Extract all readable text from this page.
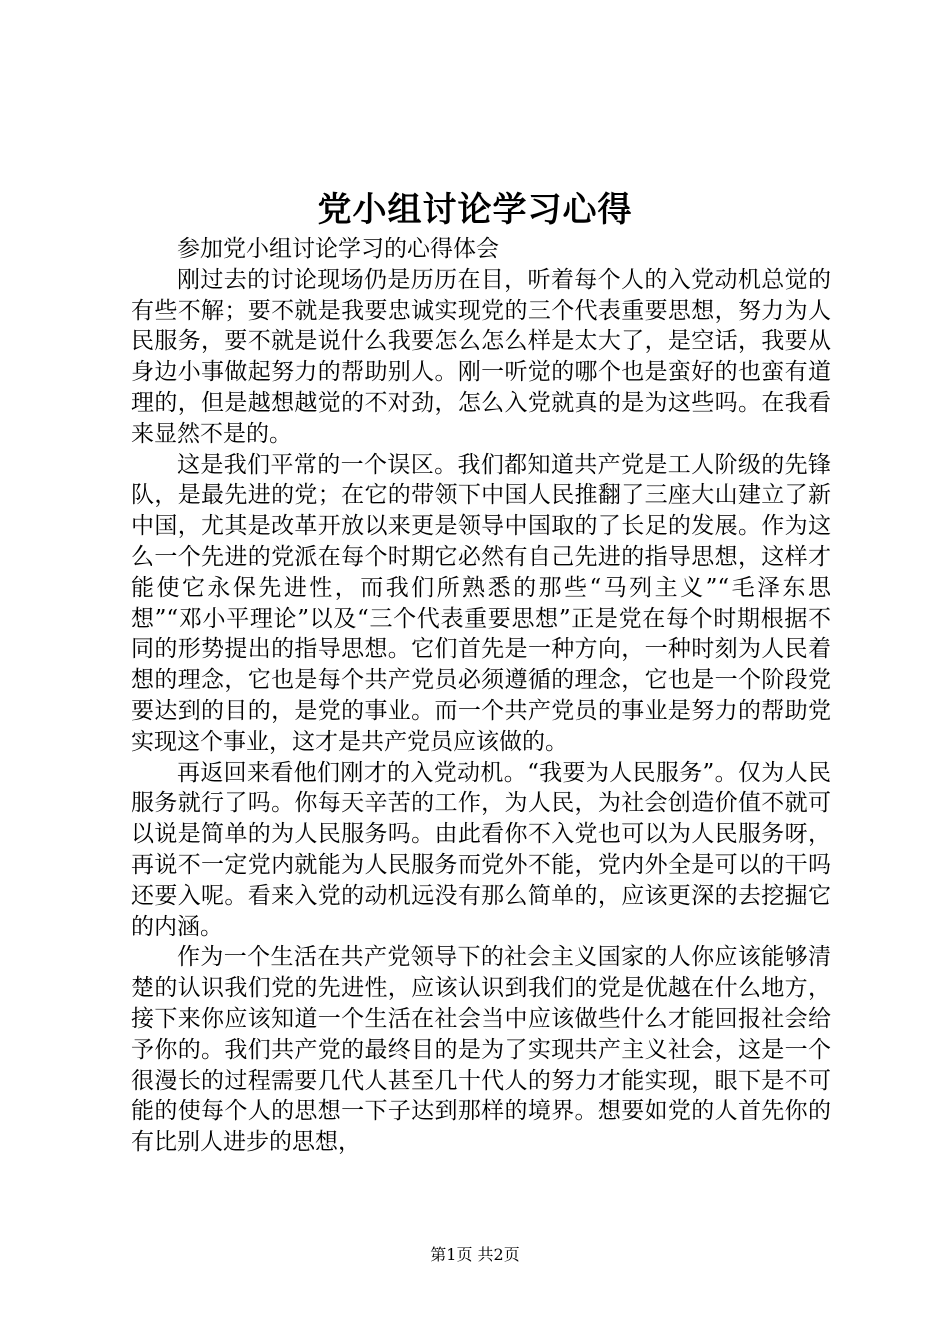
党小组讨论学习心得

参加党小组讨论学习的心得体会

刚过去的讨论现场仍是历历在目，听着每个人的入党动机总觉的有些不解；要不就是我要忠诚实现党的三个代表重要思想，努力为人民服务，要不就是说什么我要怎么怎么样是太大了，是空话，我要从身边小事做起努力的帮助别人。刚一听觉的哪个也是蛮好的也蛮有道理的，但是越想越觉的不对劲，怎么入党就真的是为这些吗。在我看来显然不是的。

这是我们平常的一个误区。我们都知道共产党是工人阶级的先锋队，是最先进的党；在它的带领下中国人民推翻了三座大山建立了新中国，尤其是改革开放以来更是领导中国取的了长足的发展。作为这么一个先进的党派在每个时期它必然有自己先进的指导思想，这样才能使它永保先进性，而我们所熟悉的那些“马列主义”“毛泽东思想”“邓小平理论”以及“三个代表重要思想”正是党在每个时期根据不同的形势提出的指导思想。它们首先是一种方向，一种时刻为人民着想的理念，它也是每个共产党员必须遵循的理念，它也是一个阶段党要达到的目的，是党的事业。而一个共产党员的事业是努力的帮助党实现这个事业，这才是共产党员应该做的。

再返回来看他们刚才的入党动机。“我要为人民服务”。仅为人民服务就行了吗。你每天辛苦的工作，为人民，为社会创造价值不就可以说是简单的为人民服务吗。由此看你不入党也可以为人民服务呀，再说不一定党内就能为人民服务而党外不能，党内外全是可以的干吗还要入呢。看来入党的动机远没有那么简单的，应该更深的去挖掘它的内涵。

作为一个生活在共产党领导下的社会主义国家的人你应该能够清楚的认识我们党的先进性，应该认识到我们的党是优越在什么地方，接下来你应该知道一个生活在社会当中应该做些什么才能回报社会给予你的。我们共产党的最终目的是为了实现共产主义社会，这是一个很漫长的过程需要几代人甚至几十代人的努力才能实现，眼下是不可能的使每个人的思想一下子达到那样的境界。想要如党的人首先你的有比别人进步的思想，

第1页 共2页
